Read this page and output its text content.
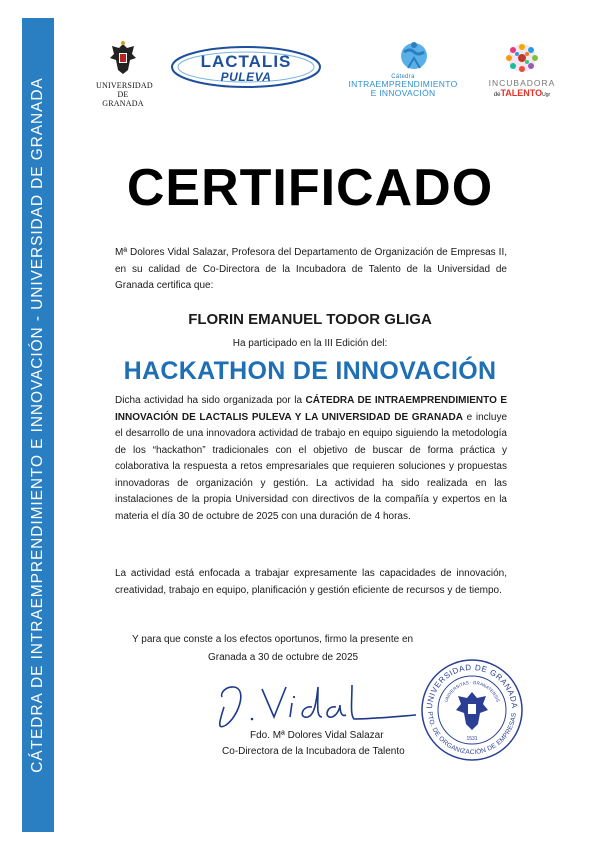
CÁTEDRA DE INTRAEMPRENDIMIENTO E INNOVACIÓN - UNIVERSIDAD DE GRANADA	UNIVERSIDAD
DE GRANADA
LACTALIS
PULEVA	Cátedra
INTRAEMPRENDIMIENTO
E INNOVACIÓN
INCUBADORA
deTALENTOUgr
CERTIFICADO
Mª Dolores Vidal Salazar, Profesora del Departamento de Organización de Empresas II, en su calidad de Co-Directora de la Incubadora de Talento de la Universidad de Granada certifica que:
FLORIN EMANUEL TODOR GLIGA
Ha participado en la III Edición del:
HACKATHON DE INNOVACIÓN
Dicha actividad ha sido organizada por la CÁTEDRA DE INTRAEMPRENDIMIENTO E INNOVACIÓN DE LACTALIS PULEVA Y LA UNIVERSIDAD DE GRANADA e incluye el desarrollo de una innovadora actividad de trabajo en equipo siguiendo la metodología de los “hackathon” tradicionales con el objetivo de buscar de forma práctica y colaborativa la respuesta a retos empresariales que requieren soluciones y propuestas innovadoras de organización y gestión. La actividad ha sido realizada en las instalaciones de la propia Universidad con directivos de la compañía y expertos en la materia el día 30 de octubre de 2025 con una duración de 4 horas.
La actividad está enfocada a trabajar expresamente las capacidades de innovación, creatividad, trabajo en equipo, planificación y gestión eficiente de recursos y de tiempo.
Y para que conste a los efectos oportunos, firmo la presente en
Granada a 30 de octubre de 2025
UNIVERSIDAD DE GRANADA
PTO. DE ORGANIZACIÓN DE EMPRESAS
UNIVERSITAS · GRANATENSIS
1531
Fdo. Mª Dolores Vidal Salazar
Co-Directora de la Incubadora de Talento
